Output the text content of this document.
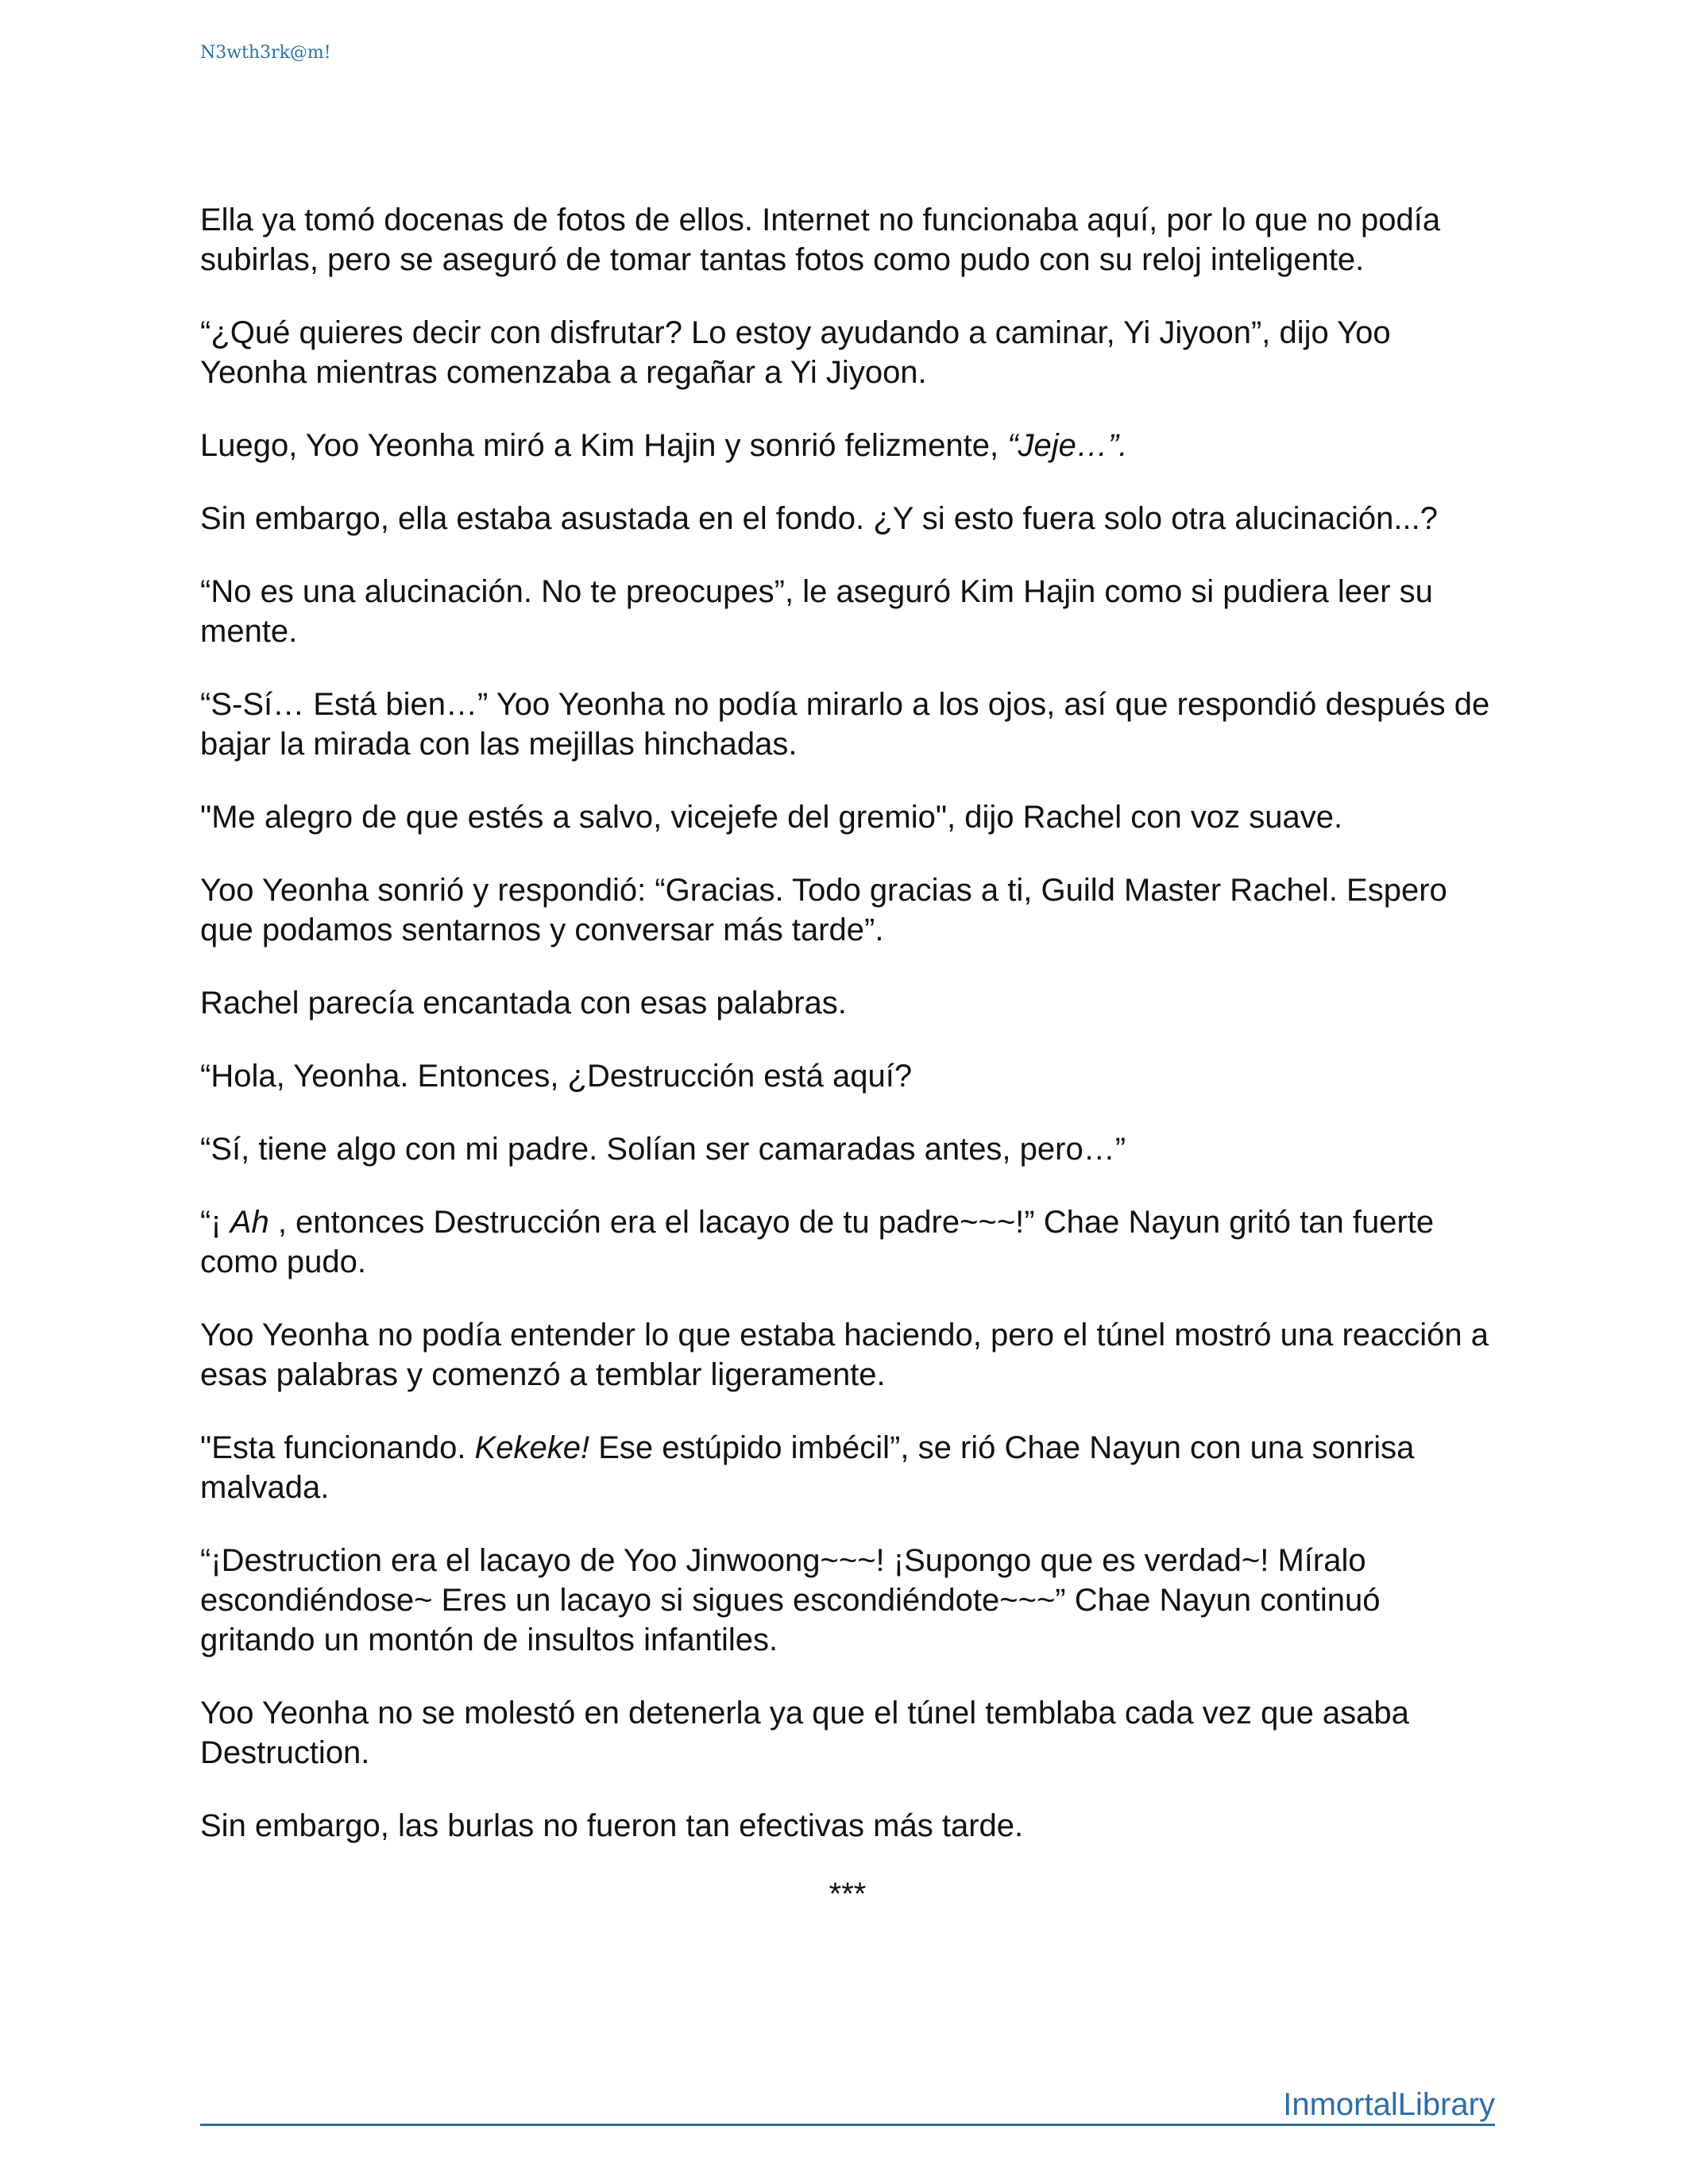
N3wth3rk@m!

Ella ya tomó docenas de fotos de ellos. Internet no funcionaba aquí, por lo que no podía subirlas, pero se aseguró de tomar tantas fotos como pudo con su reloj inteligente.

“¿Qué quieres decir con disfrutar? Lo estoy ayudando a caminar, Yi Jiyoon”, dijo Yoo Yeonha mientras comenzaba a regañar a Yi Jiyoon.

Luego, Yoo Yeonha miró a Kim Hajin y sonrió felizmente, “Jeje…”.

Sin embargo, ella estaba asustada en el fondo. ¿Y si esto fuera solo otra alucinación...?

“No es una alucinación. No te preocupes”, le aseguró Kim Hajin como si pudiera leer su mente.

“S-Sí… Está bien…” Yoo Yeonha no podía mirarlo a los ojos, así que respondió después de bajar la mirada con las mejillas hinchadas.

"Me alegro de que estés a salvo, vicejefe del gremio", dijo Rachel con voz suave.

Yoo Yeonha sonrió y respondió: “Gracias. Todo gracias a ti, Guild Master Rachel. Espero que podamos sentarnos y conversar más tarde”.

Rachel parecía encantada con esas palabras.

“Hola, Yeonha. Entonces, ¿Destrucción está aquí?

“Sí, tiene algo con mi padre. Solían ser camaradas antes, pero…”

“¡ Ah , entonces Destrucción era el lacayo de tu padre~~~!” Chae Nayun gritó tan fuerte como pudo.

Yoo Yeonha no podía entender lo que estaba haciendo, pero el túnel mostró una reacción a esas palabras y comenzó a temblar ligeramente.

"Esta funcionando. Kekeke! Ese estúpido imbécil”, se rió Chae Nayun con una sonrisa malvada.

“¡Destruction era el lacayo de Yoo Jinwoong~~~! ¡Supongo que es verdad~! Míralo escondiéndose~ Eres un lacayo si sigues escondiéndote~~~” Chae Nayun continuó gritando un montón de insultos infantiles.

Yoo Yeonha no se molestó en detenerla ya que el túnel temblaba cada vez que asaba Destruction.

Sin embargo, las burlas no fueron tan efectivas más tarde.

***

InmortalLibrary
